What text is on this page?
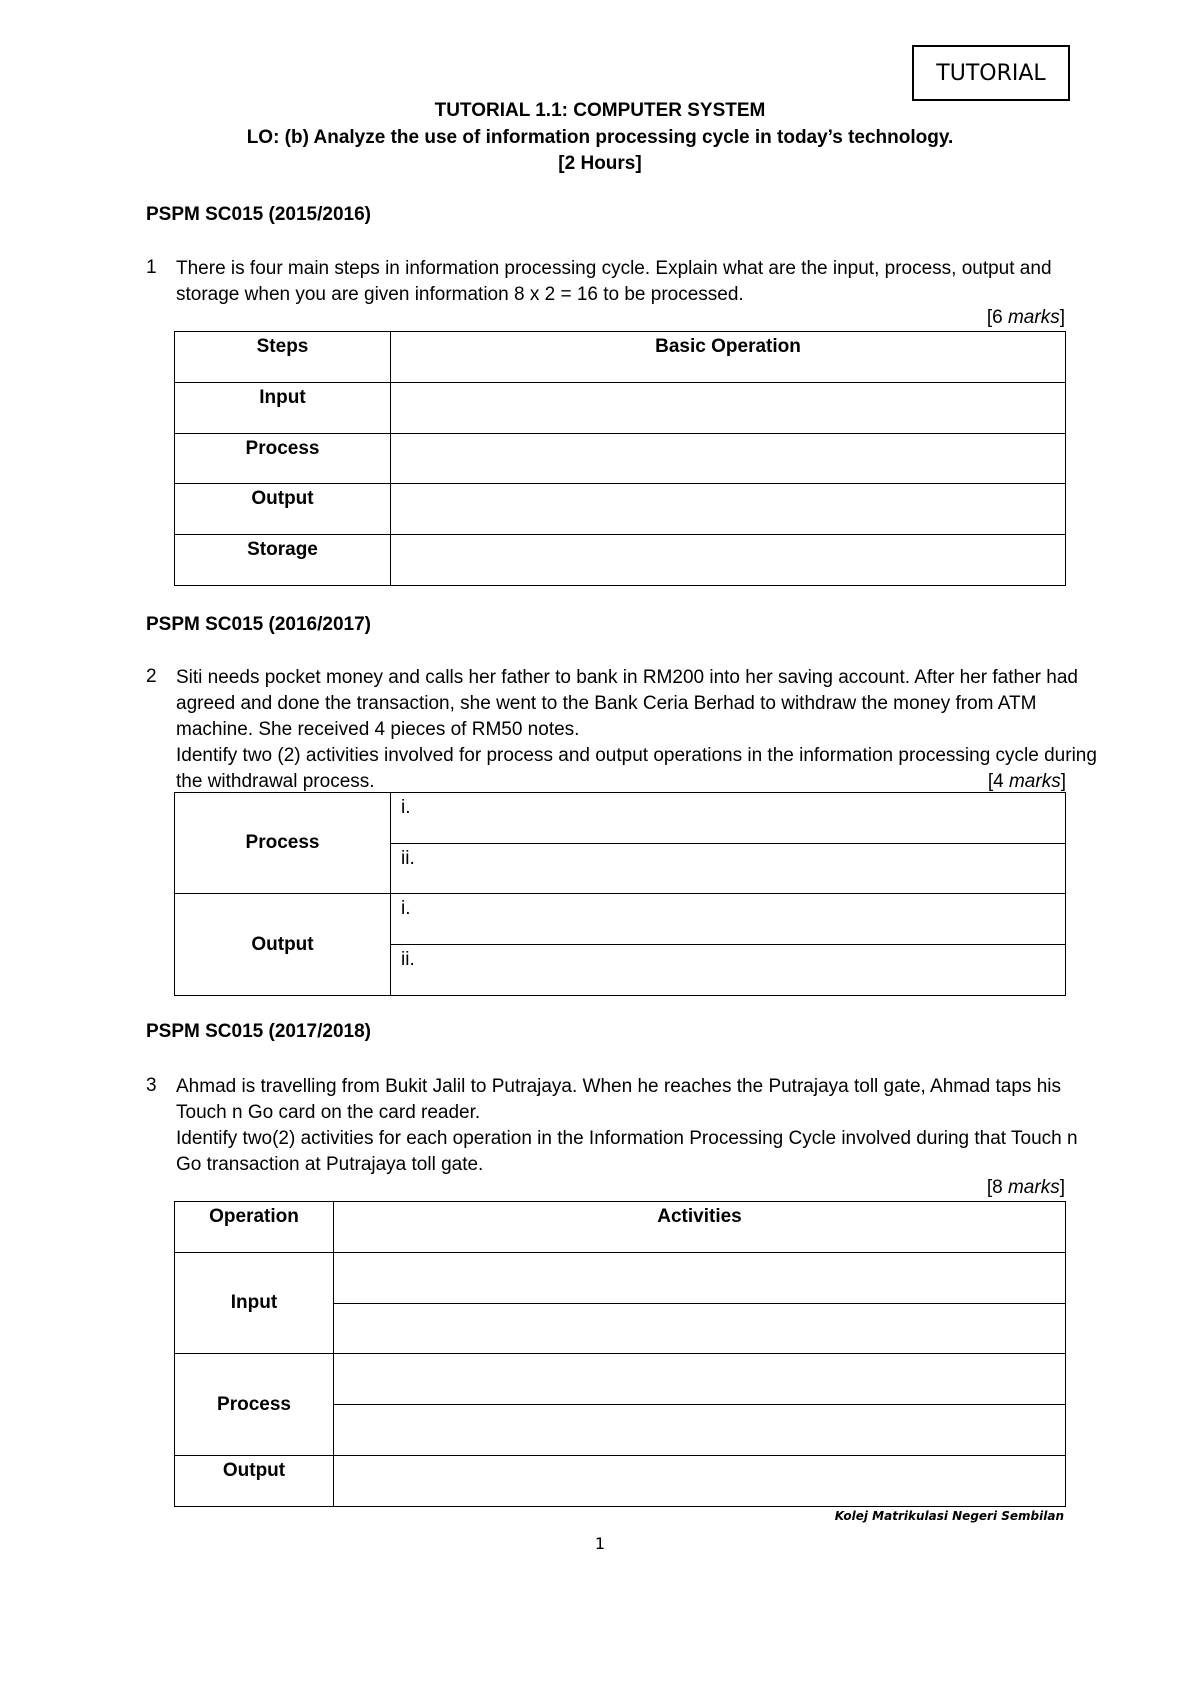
TUTORIAL
TUTORIAL 1.1: COMPUTER SYSTEM
LO: (b) Analyze the use of information processing cycle in today’s technology.
[2 Hours]
PSPM SC015 (2015/2016)
1 There is four main steps in information processing cycle. Explain what are the input, process, output and
storage when you are given information 8 x 2 = 16 to be processed.
[6 marks]
Steps	Basic Operation
Input	
Process	
Output	
Storage	
PSPM SC015 (2016/2017)
2 Siti needs pocket money and calls her father to bank in RM200 into her saving account. After her father had
agreed and done the transaction, she went to the Bank Ceria Berhad to withdraw the money from ATM
machine. She received 4 pieces of RM50 notes.
Identify two (2) activities involved for process and output operations in the information processing cycle during
the withdrawal process.	[4 marks]
Process	i.
	ii.
Output	i.
	ii.
PSPM SC015 (2017/2018)
3 Ahmad is travelling from Bukit Jalil to Putrajaya. When he reaches the Putrajaya toll gate, Ahmad taps his
Touch n Go card on the card reader.
Identify two(2) activities for each operation in the Information Processing Cycle involved during that Touch n
Go transaction at Putrajaya toll gate.
[8 marks]
Operation	Activities
Input	

Process	

Output	
Kolej Matrikulasi Negeri Sembilan
1
